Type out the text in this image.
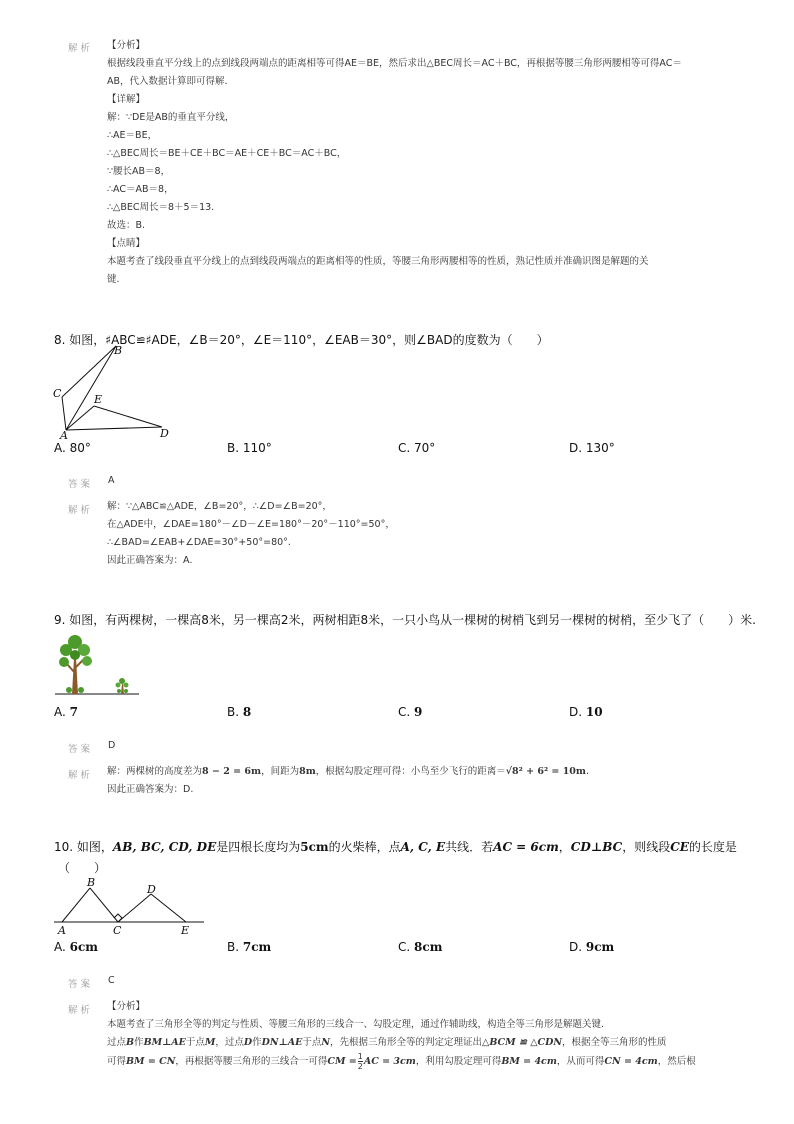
解析 【分析】
根据线段垂直平分线上的点到线段两端点的距离相等可得AE＝BE，然后求出△BEC周长＝AC＋BC，再根据等腰三角形两腰相等可得AC＝
AB，代入数据计算即可得解.
【详解】
解：∵DE是AB的垂直平分线，
∴AE＝BE，
∴△BEC周长＝BE＋CE＋BC＝AE＋CE＋BC＝AC＋BC，
∵腰长AB＝8，
∴AC＝AB＝8，
∴△BEC周长＝8＋5＝13.
故选：B.
【点睛】
本题考查了线段垂直平分线上的点到线段两端点的距离相等的性质，等腰三角形两腰相等的性质，熟记性质并准确识图是解题的关
键.
8. 如图，♯ABC≌♯ADE，∠B＝20°，∠E＝110°，∠EAB＝30°，则∠BAD的度数为（　　）
B
C	E
A	D
A. 80°	B. 110°	C. 70°	D. 130°
答案 A
解析 解：∵△ABC≌△ADE，∠B=20°，∴∠D=∠B=20°，
在△ADE中，∠DAE=180°－∠D－∠E=180°－20°－110°=50°，
∴∠BAD=∠EAB+∠DAE=30°+50°=80°.
因此正确答案为：A.
9. 如图，有两棵树，一棵高8米，另一棵高2米，两树相距8米，一只小鸟从一棵树的树梢飞到另一棵树的树梢，至少飞了（　　）米.
A. 7	B. 8	C. 9	D. 10
答案 D
解析 解：两棵树的高度差为8 − 2 = 6m，间距为8m，根据勾股定理可得：小鸟至少飞行的距离＝√8² + 6² = 10m.
因此正确答案为：D.
10. 如图，AB, BC, CD, DE是四根长度均为5cm的火柴棒，点A, C, E共线．若AC = 6cm，CD⊥BC，则线段CE的长度是
（　　）
B
D
A	C	E
A. 6cm	B. 7cm	C. 8cm	D. 9cm
答案 C
解析 【分析】
本题考查了三角形全等的判定与性质、等腰三角形的三线合一、勾股定理，通过作辅助线，构造全等三角形是解题关键.
过点B作BM⊥AE于点M，过点D作DN⊥AE于点N，先根据三角形全等的判定定理证出△BCM ≌ △CDN，根据全等三角形的性质
可得BM = CN，再根据等腰三角形的三线合一可得CM = $\frac{1}{2}$ AC = 3cm，利用勾股定理可得BM = 4cm，从而可得CN = 4cm，然后根
